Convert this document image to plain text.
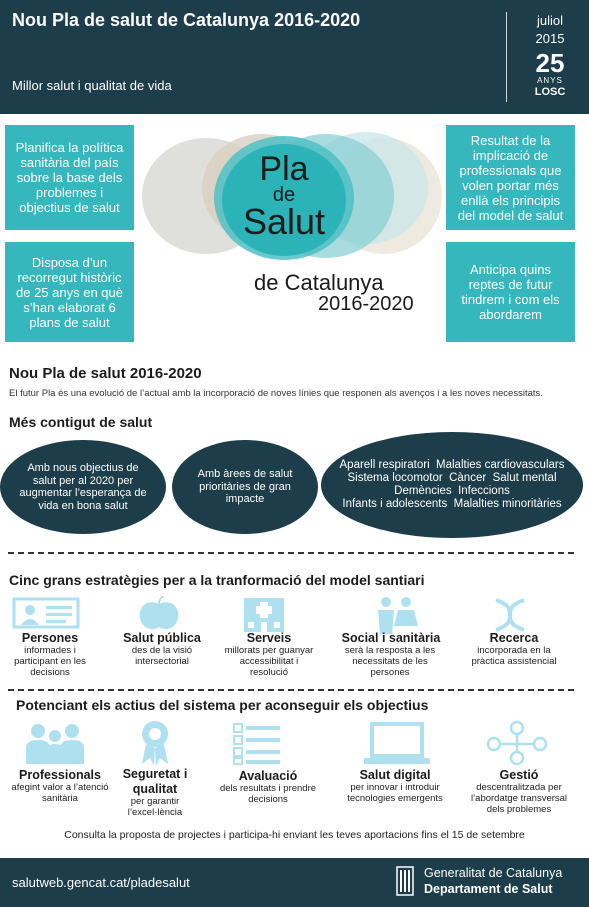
Nou Pla de salut de Catalunya 2016-2020
Millor salut i qualitat de vida
juliol
2015
25
ANYS
LOSC
Planifica la política sanitària del país sobre la base dels problemes i objectius de salut
Disposa d’un recorregut històric de 25 anys en què s’han elaborat 6 plans de salut
Resultat de la implicació de professionals que volen portar més enllà els principis del model de salut
Anticipa quins reptes de futur tindrem i com els abordarem
Pla
de
Salut
de Catalunya
2016-2020
Nou Pla de salut 2016-2020
El futur Pla és una evolució de l’actual amb la incorporació de noves línies que responen als avenços i a les noves necessitats.
Més contigut de salut
Amb nous objectius de salut per al 2020 per augmentar l’esperança de vida en bona salut
Amb àrees de salut prioritàries de gran impacte
Aparell respiratori Malalties cardiovasculars
Sistema locomotor Càncer Salut mental
Demències Infeccions
Infants i adolescents Malalties minoritàries
Cinc grans estratègies per a la tranformació del model santiari
Persones
informades i participant en les decisions
Salut pública
des de la visió intersectorial
Serveis
millorats per guanyar accessibilitat i resolució
Social i sanitària
serà la resposta a les necessitats de les persones
Recerca
incorporada en la pràctica assistencial
Potenciant els actius del sistema per aconseguir els objectius
Professionals
afegint valor a l’atenció sanitària
Seguretat i qualitat
per garantir l’excel·lència
Avaluació
dels resultats i prendre decisions
Salut digital
per innovar i introduir tecnologies emergents
Gestió
descentralitzada per l’abordatge transversal dels problemes
Consulta la proposta de projectes i participa-hi enviant les teves aportacions fins el 15 de setembre
salutweb.gencat.cat/pladesalut
Generalitat de Catalunya
Departament de Salut
